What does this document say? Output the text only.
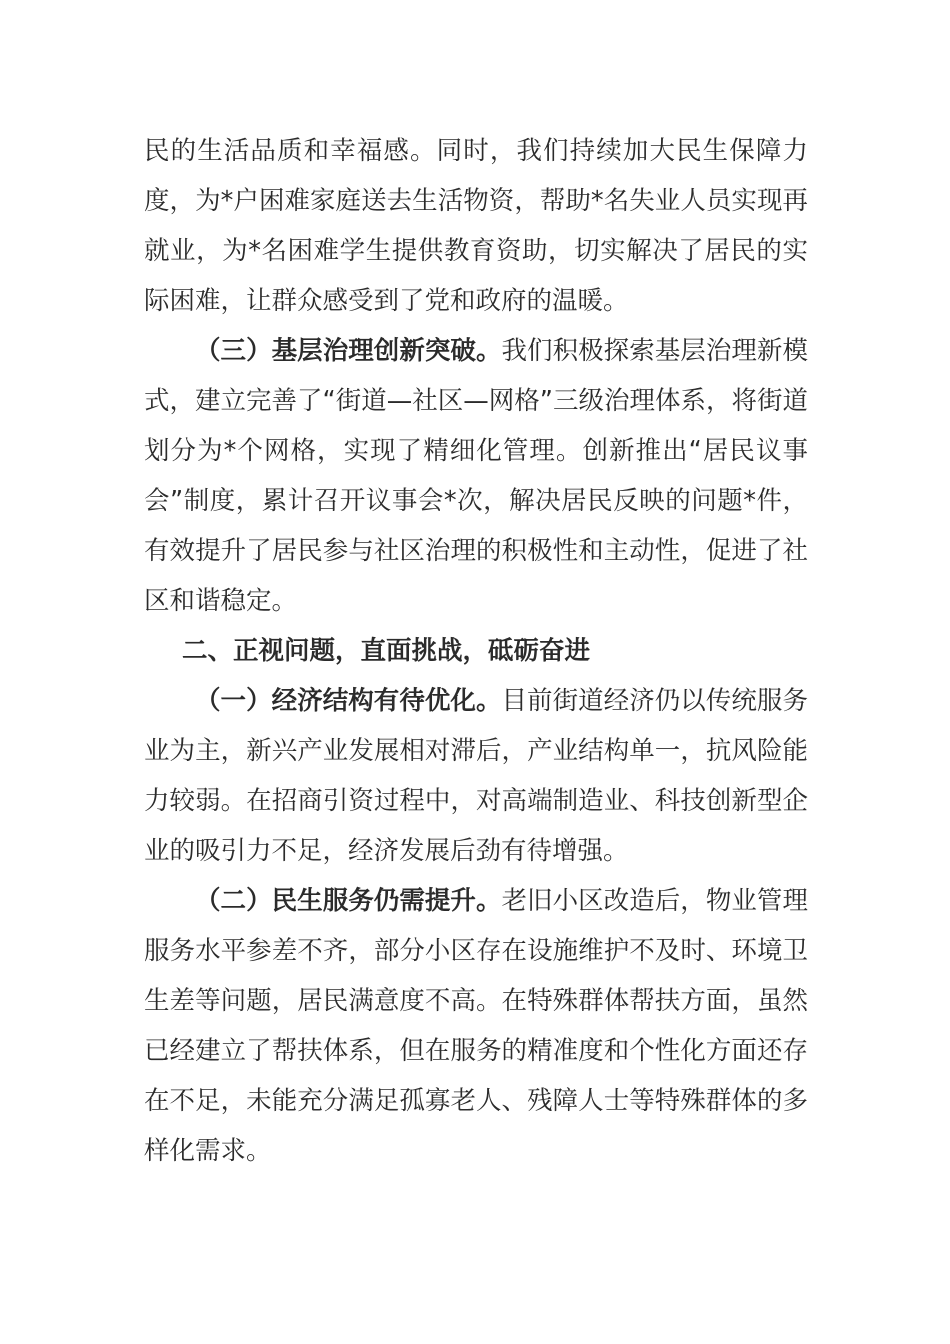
民的生活品质和幸福感。同时，我们持续加大民生保障力度，为*户困难家庭送去生活物资，帮助*名失业人员实现再就业，为*名困难学生提供教育资助，切实解决了居民的实际困难，让群众感受到了党和政府的温暖。

（三）基层治理创新突破。我们积极探索基层治理新模式，建立完善了“街道—社区—网格”三级治理体系，将街道划分为*个网格，实现了精细化管理。创新推出“居民议事会”制度，累计召开议事会*次，解决居民反映的问题*件，有效提升了居民参与社区治理的积极性和主动性，促进了社区和谐稳定。

二、正视问题，直面挑战，砥砺奋进

（一）经济结构有待优化。目前街道经济仍以传统服务业为主，新兴产业发展相对滞后，产业结构单一，抗风险能力较弱。在招商引资过程中，对高端制造业、科技创新型企业的吸引力不足，经济发展后劲有待增强。

（二）民生服务仍需提升。老旧小区改造后，物业管理服务水平参差不齐，部分小区存在设施维护不及时、环境卫生差等问题，居民满意度不高。在特殊群体帮扶方面，虽然已经建立了帮扶体系，但在服务的精准度和个性化方面还存在不足，未能充分满足孤寡老人、残障人士等特殊群体的多样化需求。
